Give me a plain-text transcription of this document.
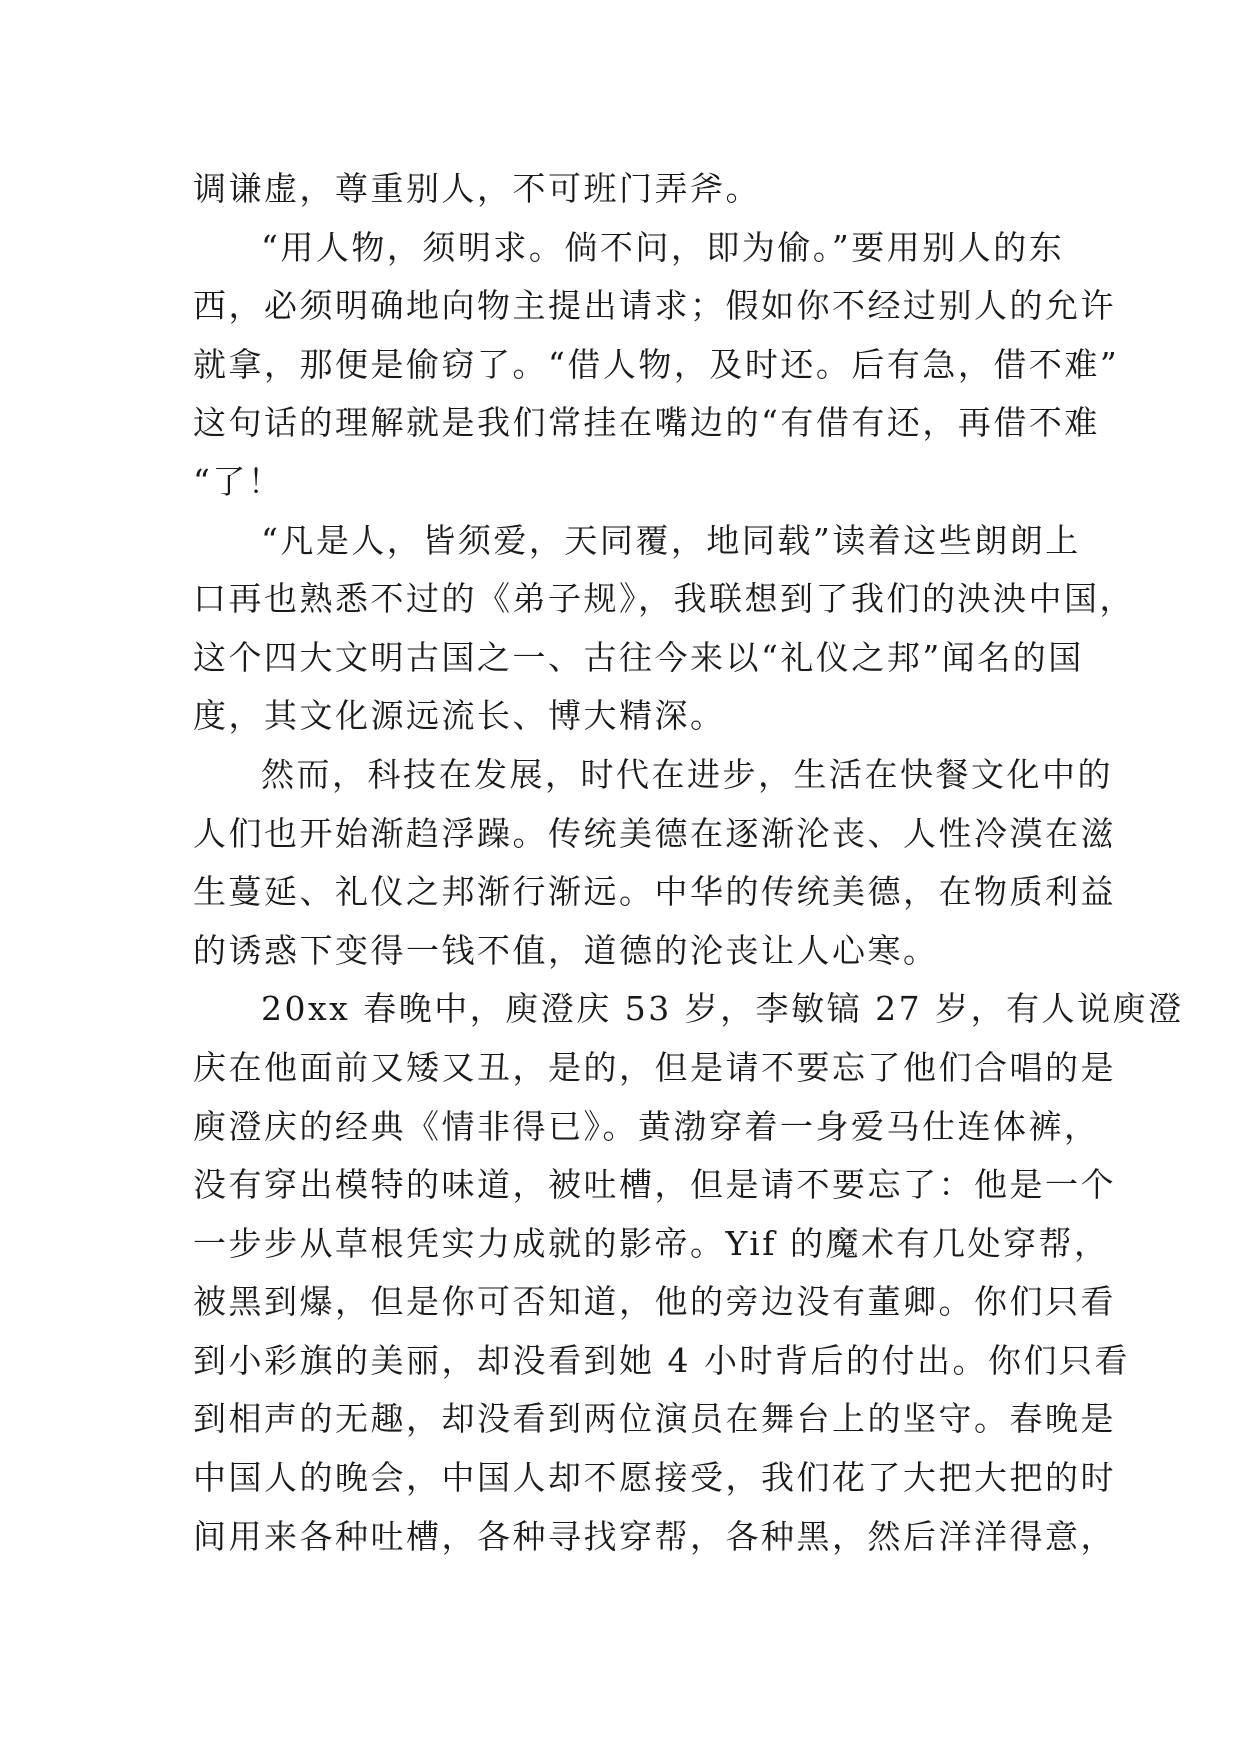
调谦虚，尊重别人，不可班门弄斧。
“用人物，须明求。倘不问，即为偷。”要用别人的东
西，必须明确地向物主提出请求；假如你不经过别人的允许
就拿，那便是偷窃了。“借人物，及时还。后有急，借不难”
这句话的理解就是我们常挂在嘴边的“有借有还，再借不难
“了！
“凡是人，皆须爱，天同覆，地同载”读着这些朗朗上
口再也熟悉不过的《弟子规》，我联想到了我们的泱泱中国，
这个四大文明古国之一、古往今来以“礼仪之邦”闻名的国
度，其文化源远流长、博大精深。
然而，科技在发展，时代在进步，生活在快餐文化中的
人们也开始渐趋浮躁。传统美德在逐渐沦丧、人性冷漠在滋
生蔓延、礼仪之邦渐行渐远。中华的传统美德，在物质利益
的诱惑下变得一钱不值，道德的沦丧让人心寒。
20xx 春晚中，庾澄庆 53 岁，李敏镐 27 岁，有人说庾澄
庆在他面前又矮又丑，是的，但是请不要忘了他们合唱的是
庾澄庆的经典《情非得已》。黄渤穿着一身爱马仕连体裤，
没有穿出模特的味道，被吐槽，但是请不要忘了：他是一个
一步步从草根凭实力成就的影帝。Yif 的魔术有几处穿帮，
被黑到爆，但是你可否知道，他的旁边没有董卿。你们只看
到小彩旗的美丽，却没看到她 4 小时背后的付出。你们只看
到相声的无趣，却没看到两位演员在舞台上的坚守。春晚是
中国人的晚会，中国人却不愿接受，我们花了大把大把的时
间用来各种吐槽，各种寻找穿帮，各种黑，然后洋洋得意，
